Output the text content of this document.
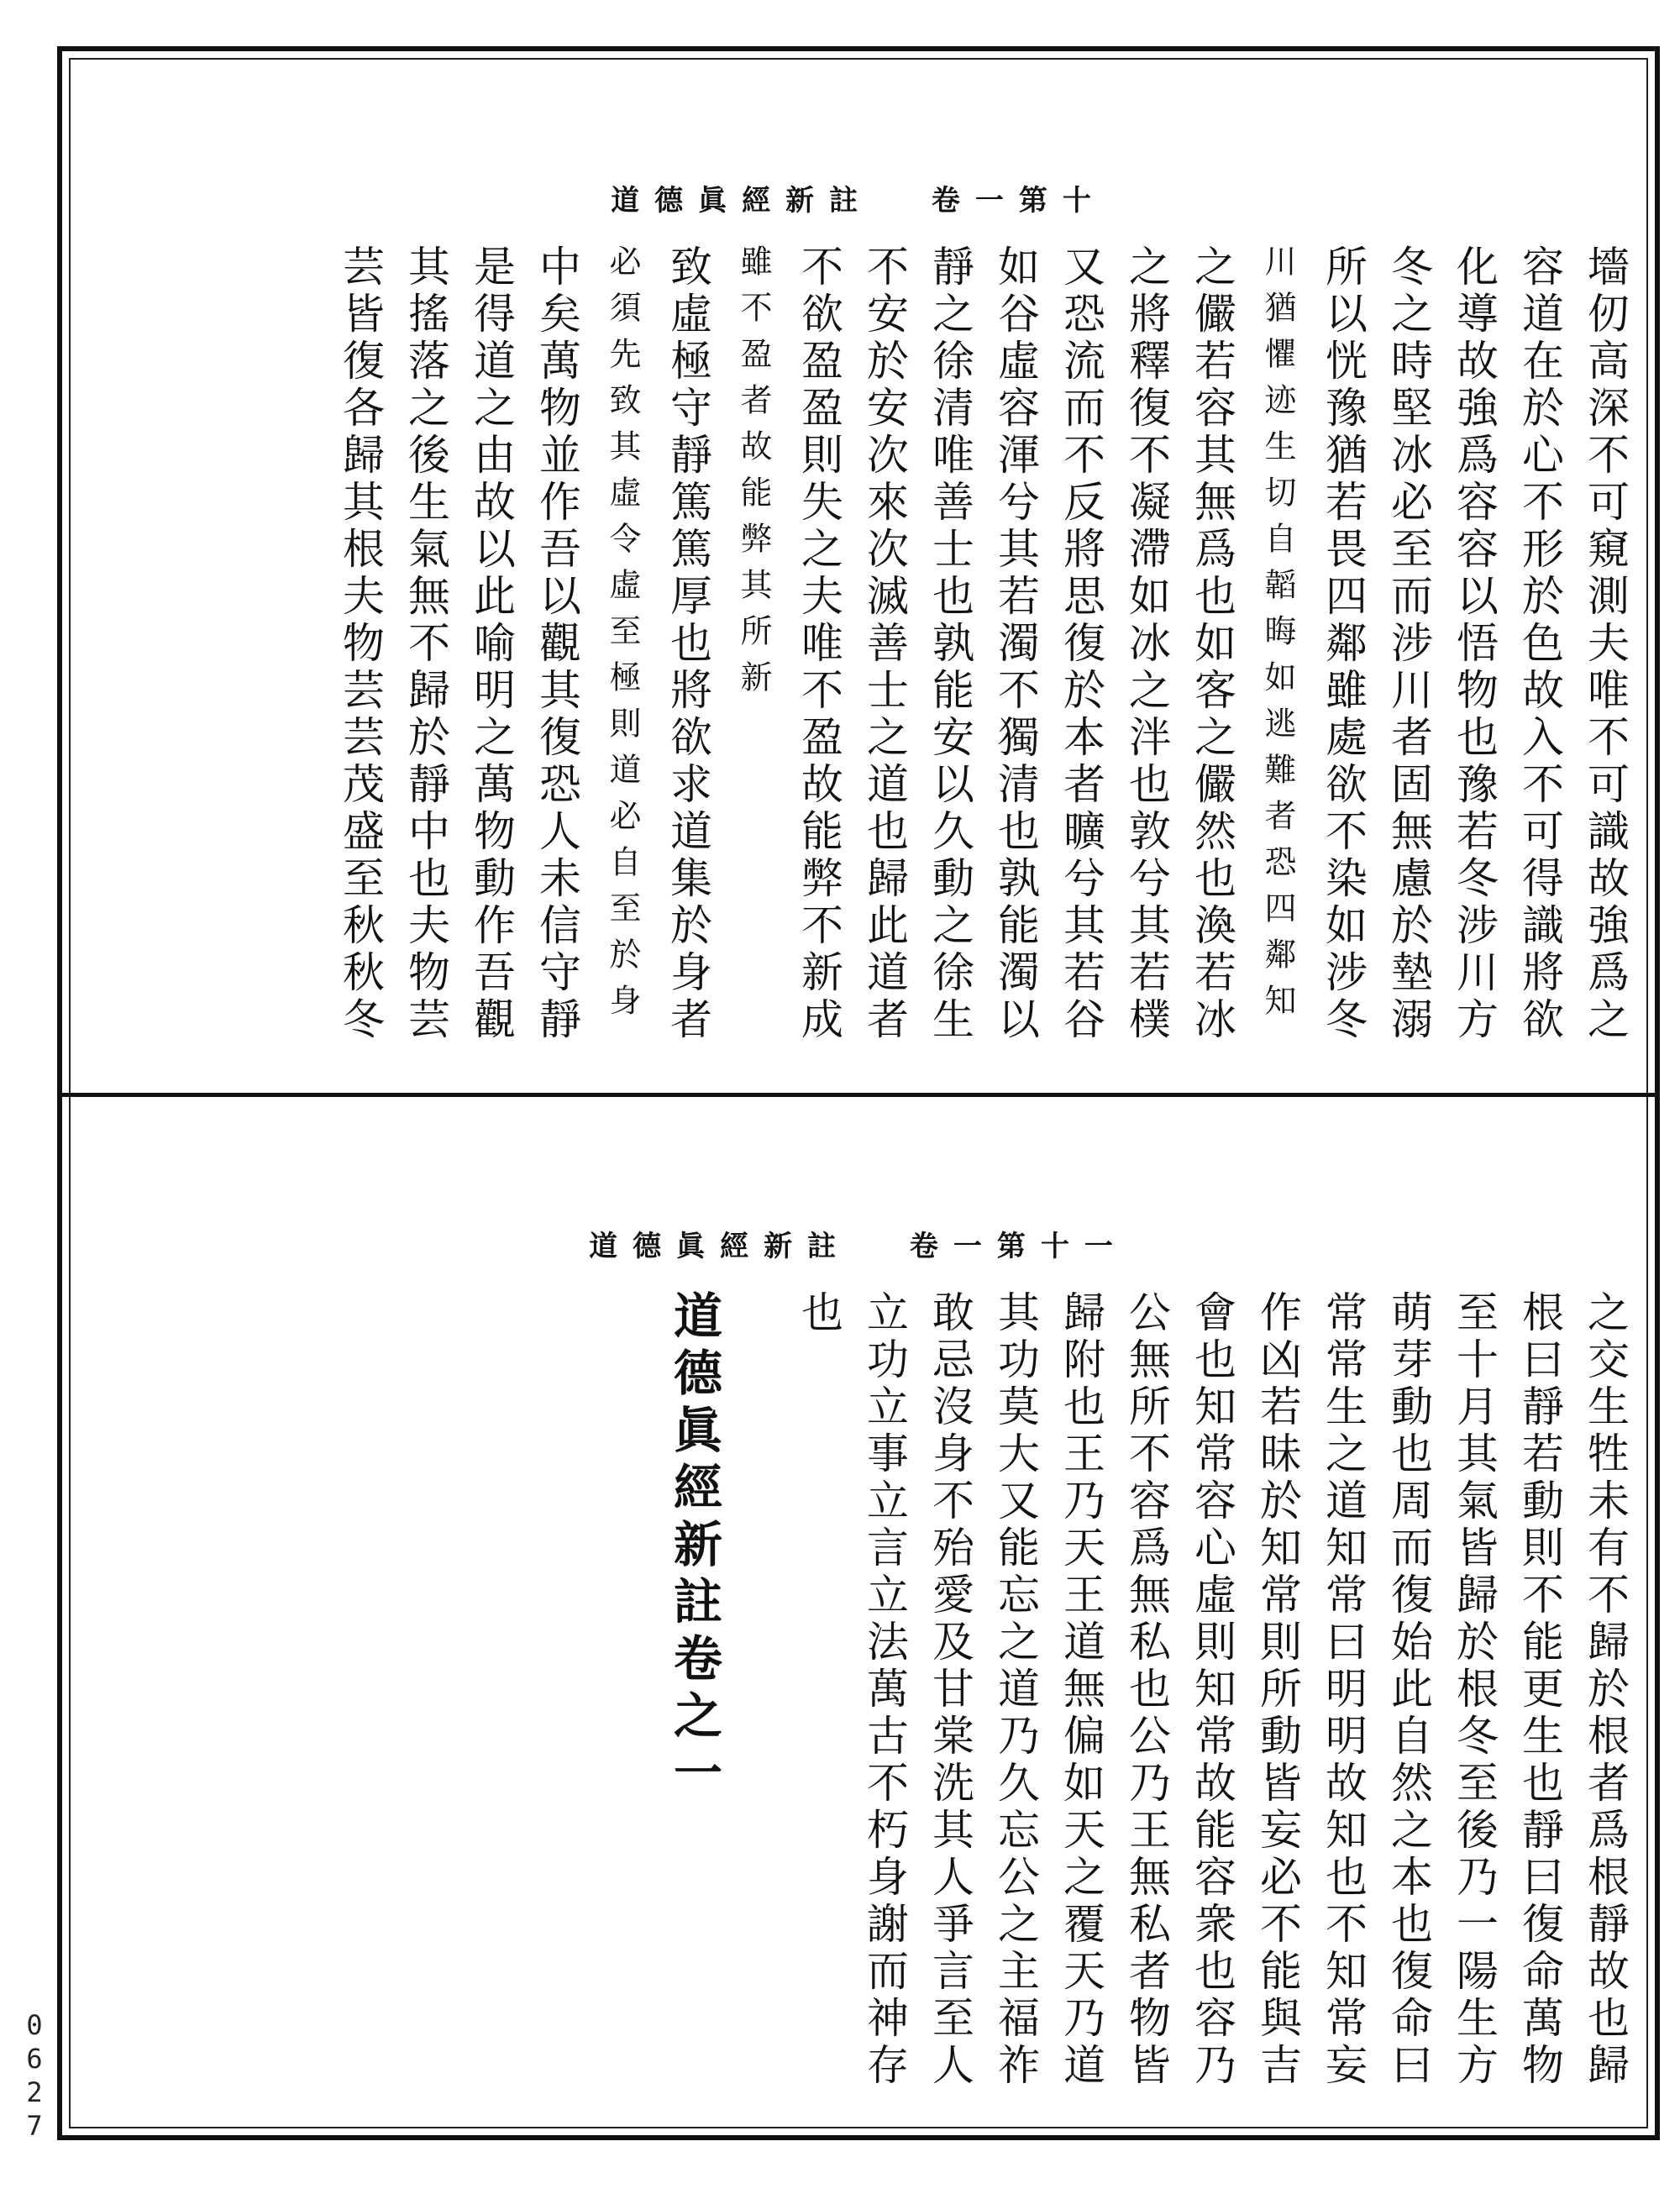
道德眞經新註 卷一第十
墻仞高深不可窺測夫唯不可識故強爲之
容道在於心不形於色故入不可得識將欲
化導故強爲容容以悟物也豫若冬涉川方
冬之時堅冰必至而涉川者固無慮於墊溺
所以恍豫猶若畏四鄰雖處欲不染如涉冬
川猶懼迹生切自韜晦如逃難者恐四鄰知
之儼若容其無爲也如客之儼然也渙若冰
之將釋復不凝滯如冰之泮也敦兮其若樸
又恐流而不反將思復於本者曠兮其若谷
如谷虛容渾兮其若濁不獨清也孰能濁以
靜之徐清唯善士也孰能安以久動之徐生
不安於安次來次滅善士之道也歸此道者
不欲盈盈則失之夫唯不盈故能弊不新成
雖不盈者故能弊其所新
致虛極守靜篤篤厚也將欲求道集於身者
必須先致其虛令虛至極則道必自至於身
中矣萬物並作吾以觀其復恐人未信守靜
是得道之由故以此喻明之萬物動作吾觀
其搖落之後生氣無不歸於靜中也夫物芸
芸皆復各歸其根夫物芸芸茂盛至秋秋冬
道德眞經新註 卷一第十一
之交生牲未有不歸於根者爲根靜故也歸
根曰靜若動則不能更生也靜曰復命萬物
至十月其氣皆歸於根冬至後乃一陽生方
萌芽動也周而復始此自然之本也復命曰
常常生之道知常曰明明故知也不知常妄
作凶若昧於知常則所動皆妄必不能與吉
會也知常容心虛則知常故能容衆也容乃
公無所不容爲無私也公乃王無私者物皆
歸附也王乃天王道無偏如天之覆天乃道
其功莫大又能忘之道乃久忘公之主福祚
敢忌沒身不殆愛及甘棠洗其人爭言至人
立功立事立言立法萬古不朽身謝而神存
也
道德眞經新註卷之一
0627
